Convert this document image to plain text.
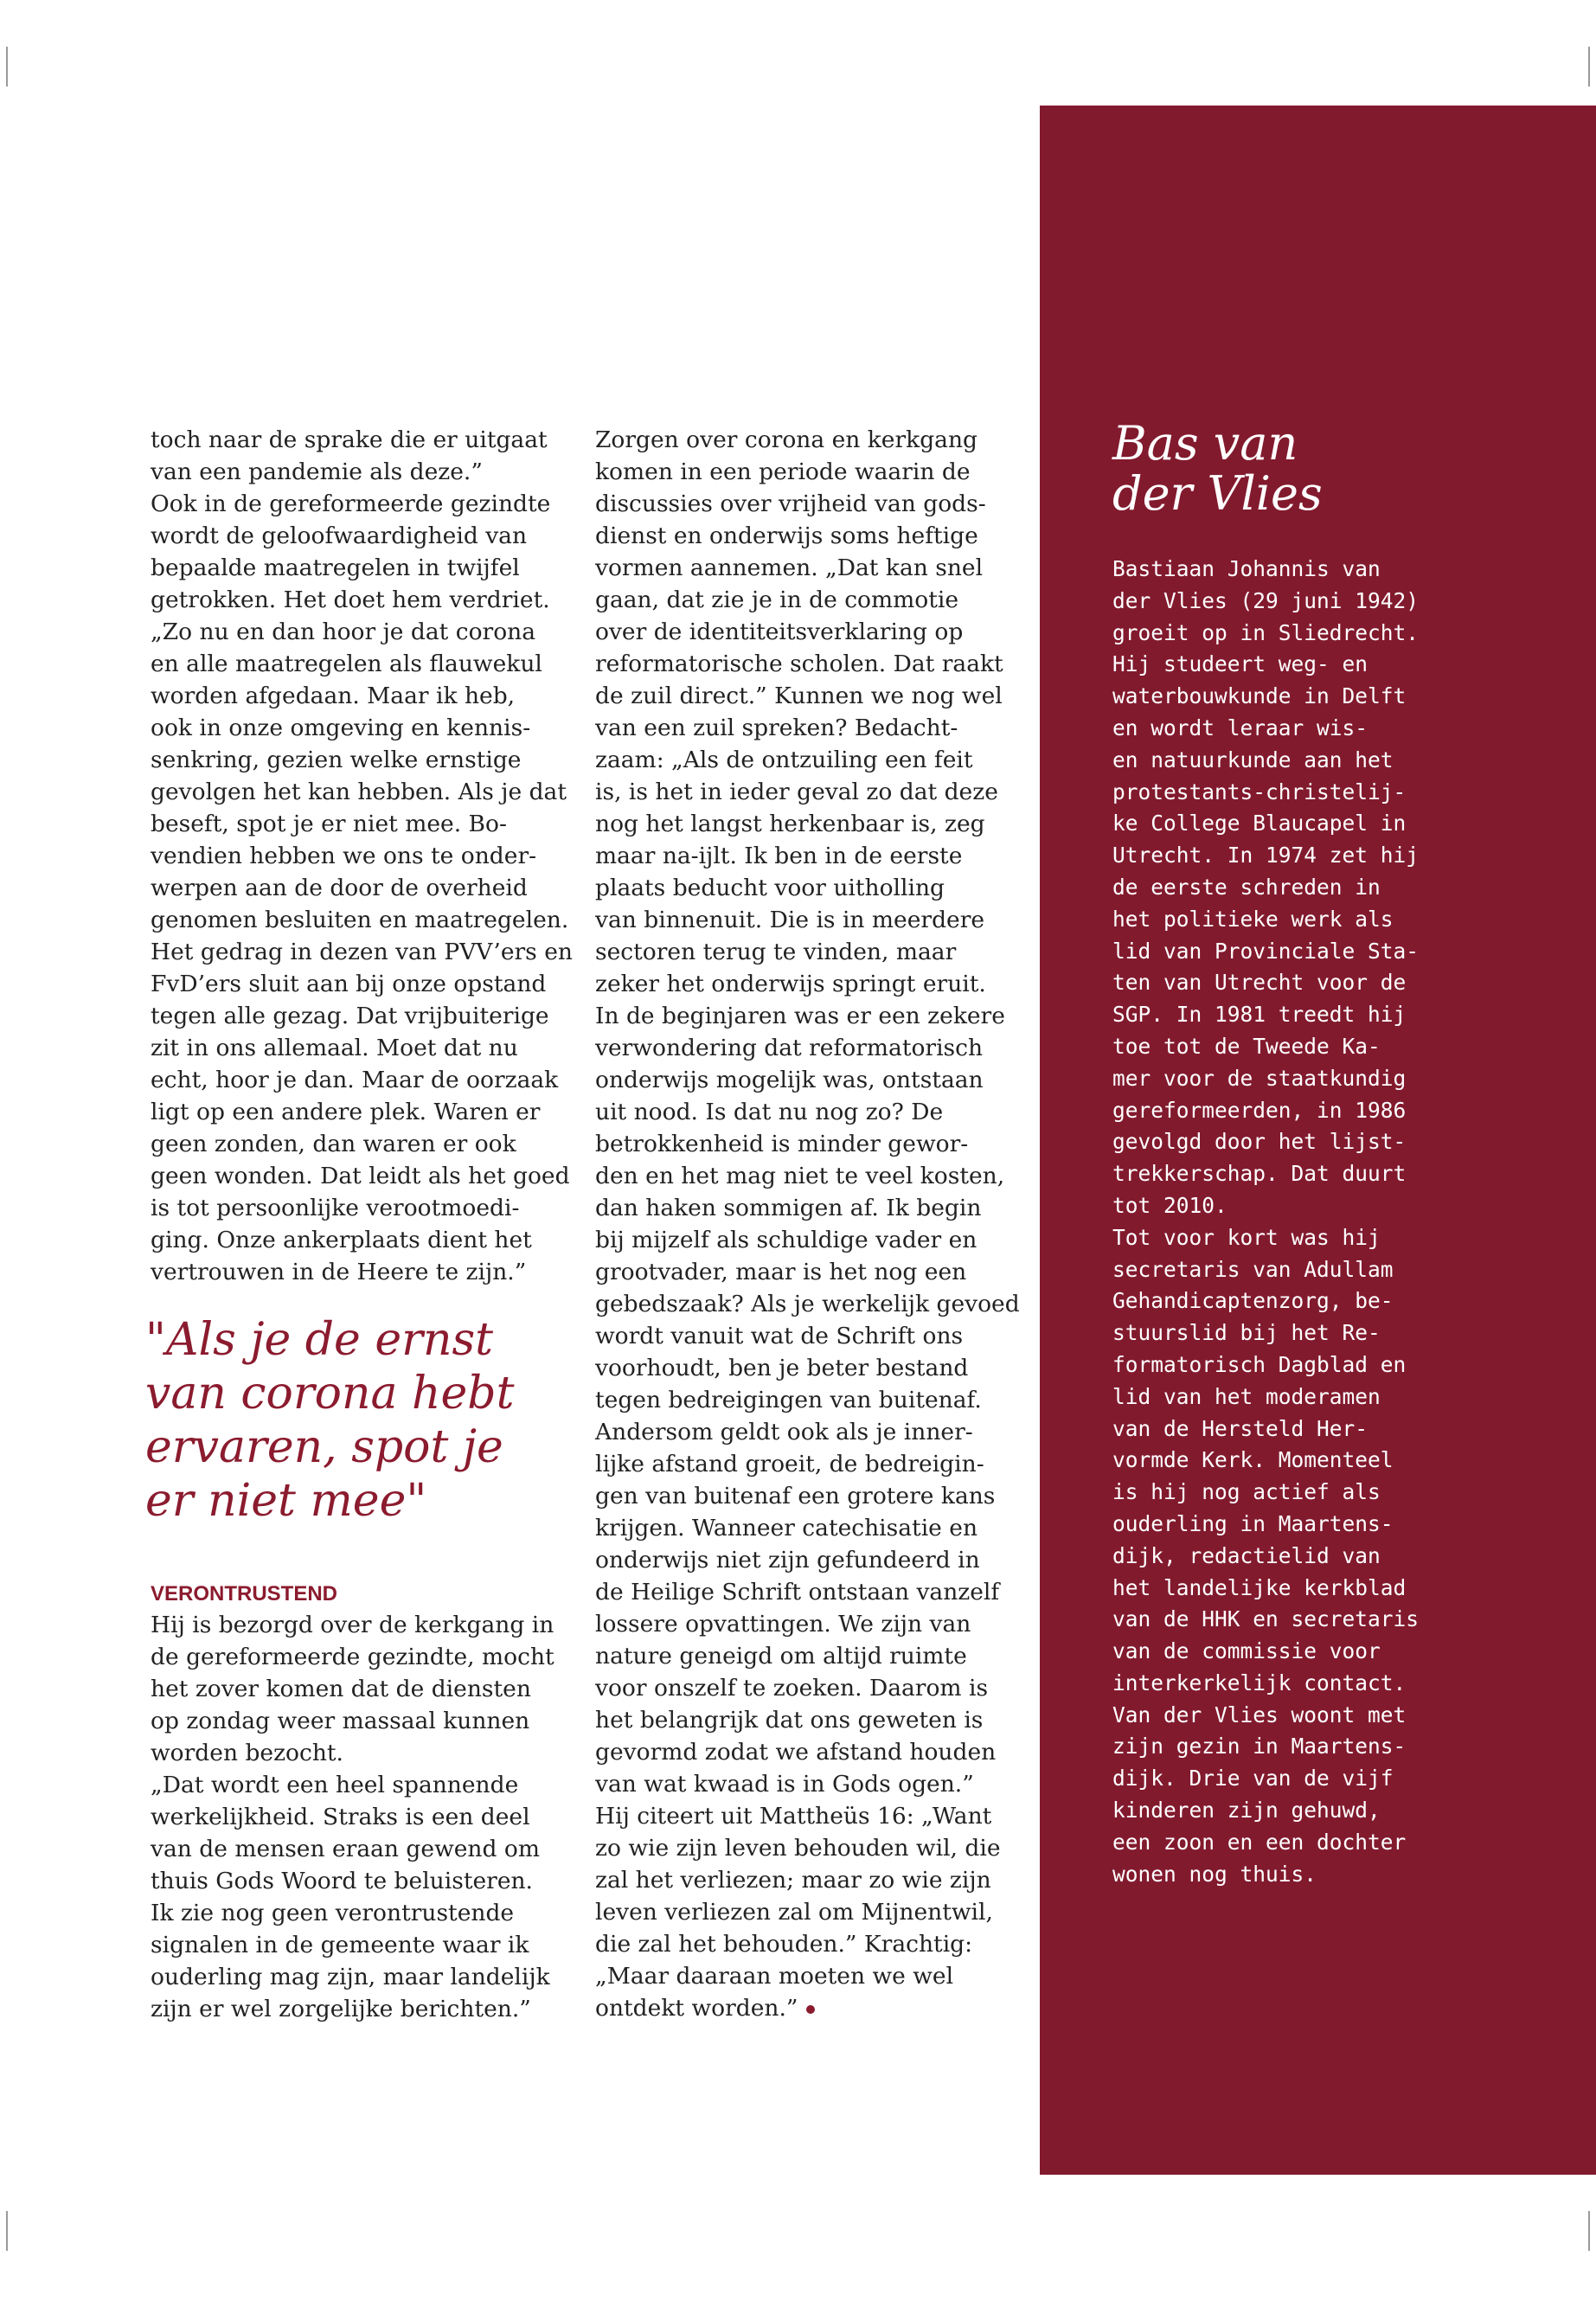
toch naar de sprake die er uitgaat
van een pandemie als deze.”
Ook in de gereformeerde gezindte
wordt de geloofwaardigheid van
bepaalde maatregelen in twijfel
getrokken. Het doet hem verdriet.
„Zo nu en dan hoor je dat corona
en alle maatregelen als flauwekul
worden afgedaan. Maar ik heb,
ook in onze omgeving en kennis-
senkring, gezien welke ernstige
gevolgen het kan hebben. Als je dat
beseft, spot je er niet mee. Bo-
vendien hebben we ons te onder-
werpen aan de door de overheid
genomen besluiten en maatregelen.
Het gedrag in dezen van PVV’ers en
FvD’ers sluit aan bij onze opstand
tegen alle gezag. Dat vrijbuiterige
zit in ons allemaal. Moet dat nu
echt, hoor je dan. Maar de oorzaak
ligt op een andere plek. Waren er
geen zonden, dan waren er ook
geen wonden. Dat leidt als het goed
is tot persoonlijke verootmoedi-
ging. Onze ankerplaats dient het
vertrouwen in de Heere te zijn.”
"Als je de ernst
van corona hebt
ervaren, spot je
er niet mee"
VERONTRUSTEND
Hij is bezorgd over de kerkgang in
de gereformeerde gezindte, mocht
het zover komen dat de diensten
op zondag weer massaal kunnen
worden bezocht.
„Dat wordt een heel spannende
werkelijkheid. Straks is een deel
van de mensen eraan gewend om
thuis Gods Woord te beluisteren.
Ik zie nog geen verontrustende
signalen in de gemeente waar ik
ouderling mag zijn, maar landelijk
zijn er wel zorgelijke berichten.”
Zorgen over corona en kerkgang
komen in een periode waarin de
discussies over vrijheid van gods-
dienst en onderwijs soms heftige
vormen aannemen. „Dat kan snel
gaan, dat zie je in de commotie
over de identiteitsverklaring op
reformatorische scholen. Dat raakt
de zuil direct.” Kunnen we nog wel
van een zuil spreken? Bedacht-
zaam: „Als de ontzuiling een feit
is, is het in ieder geval zo dat deze
nog het langst herkenbaar is, zeg
maar na-ijlt. Ik ben in de eerste
plaats beducht voor uitholling
van binnenuit. Die is in meerdere
sectoren terug te vinden, maar
zeker het onderwijs springt eruit.
In de beginjaren was er een zekere
verwondering dat reformatorisch
onderwijs mogelijk was, ontstaan
uit nood. Is dat nu nog zo? De
betrokkenheid is minder gewor-
den en het mag niet te veel kosten,
dan haken sommigen af. Ik begin
bij mijzelf als schuldige vader en
grootvader, maar is het nog een
gebedszaak? Als je werkelijk gevoed
wordt vanuit wat de Schrift ons
voorhoudt, ben je beter bestand
tegen bedreigingen van buitenaf.
Andersom geldt ook als je inner-
lijke afstand groeit, de bedreigin-
gen van buitenaf een grotere kans
krijgen. Wanneer catechisatie en
onderwijs niet zijn gefundeerd in
de Heilige Schrift ontstaan vanzelf
lossere opvattingen. We zijn van
nature geneigd om altijd ruimte
voor onszelf te zoeken. Daarom is
het belangrijk dat ons geweten is
gevormd zodat we afstand houden
van wat kwaad is in Gods ogen.”
Hij citeert uit Mattheüs 16: „Want
zo wie zijn leven behouden wil, die
zal het verliezen; maar zo wie zijn
leven verliezen zal om Mijnentwil,
die zal het behouden.” Krachtig:
„Maar daaraan moeten we wel
ontdekt worden.”
Bas van
der Vlies
Bastiaan Johannis van
der Vlies (29 juni 1942)
groeit op in Sliedrecht.
Hij studeert weg- en
waterbouwkunde in Delft
en wordt leraar wis-
en natuurkunde aan het
protestants-christelij-
ke College Blaucapel in
Utrecht. In 1974 zet hij
de eerste schreden in
het politieke werk als
lid van Provinciale Sta-
ten van Utrecht voor de
SGP. In 1981 treedt hij
toe tot de Tweede Ka-
mer voor de staatkundig
gereformeerden, in 1986
gevolgd door het lijst-
trekkerschap. Dat duurt
tot 2010.
Tot voor kort was hij
secretaris van Adullam
Gehandicaptenzorg, be-
stuurslid bij het Re-
formatorisch Dagblad en
lid van het moderamen
van de Hersteld Her-
vormde Kerk. Momenteel
is hij nog actief als
ouderling in Maartens-
dijk, redactielid van
het landelijke kerkblad
van de HHK en secretaris
van de commissie voor
interkerkelijk contact.
Van der Vlies woont met
zijn gezin in Maartens-
dijk. Drie van de vijf
kinderen zijn gehuwd,
een zoon en een dochter
wonen nog thuis.
